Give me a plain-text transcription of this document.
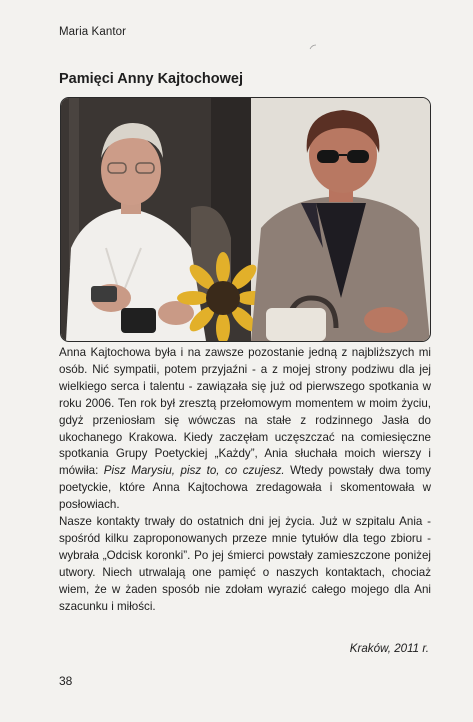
Maria Kantor
Pamięci Anny Kajtochowej

Anna Kajtochowa była i na zawsze pozostanie jedną z najbliższych mi osób. Nić sympatii, potem przyjaźni - a z mojej strony podziwu dla jej wielkiego serca i talentu - zawiązała się już od pierwszego spotkania w roku 2006. Ten rok był zresztą przełomowym momentem w moim życiu, gdyż przeniosłam się wówczas na stałe z rodzinnego Jasła do ukochanego Krakowa. Kiedy zaczęłam uczęszczać na comiesięczne spotkania Grupy Poetyckiej „Każdy”, Ania słuchała moich wierszy i mówiła: Pisz Marysiu, pisz to, co czujesz. Wtedy powstały dwa tomy poetyckie, które Anna Kajtochowa zredagowała i skomentowała w posłowiach.

Nasze kontakty trwały do ostatnich dni jej życia. Już w szpitalu Ania - spośród kilku zaproponowanych przeze mnie tytułów dla tego zbioru - wybrała „Odcisk koronki”. Po jej śmierci powstały zamieszczone poniżej utwory. Niech utrwalają one pamięć o naszych kontaktach, chociaż wiem, że w żaden sposób nie zdołam wyrazić całego mojego dla Ani szacunku i miłości.

Kraków, 2011 r.
38
